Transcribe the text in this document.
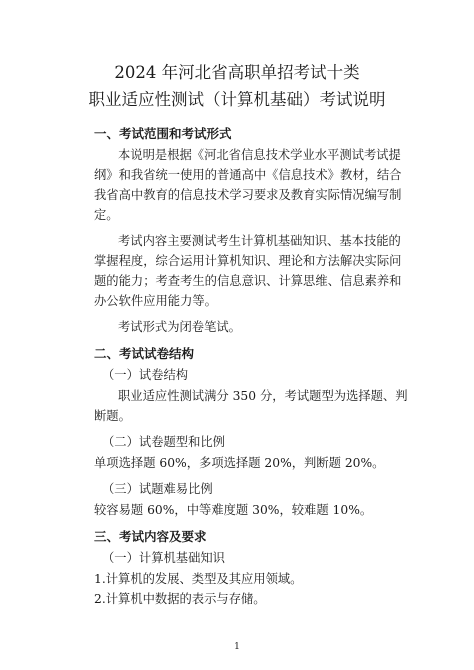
2024 年河北省高职单招考试十类
职业适应性测试（计算机基础）考试说明

一、考试范围和考试形式

本说明是根据《河北省信息技术学业水平测试考试提纲》和我省统一使用的普通高中《信息技术》教材，结合我省高中教育的信息技术学习要求及教育实际情况编写制定。

考试内容主要测试考生计算机基础知识、基本技能的掌握程度，综合运用计算机知识、理论和方法解决实际问题的能力；考查考生的信息意识、计算思维、信息素养和办公软件应用能力等。

考试形式为闭卷笔试。

二、考试试卷结构

（一）试卷结构

职业适应性测试满分 350 分，考试题型为选择题、判断题。

（二）试卷题型和比例

单项选择题 60%，多项选择题 20%，判断题 20%。

（三）试题难易比例

较容易题 60%，中等难度题 30%，较难题 10%。

三、考试内容及要求

（一）计算机基础知识

1.计算机的发展、类型及其应用领域。

2.计算机中数据的表示与存储。

1
